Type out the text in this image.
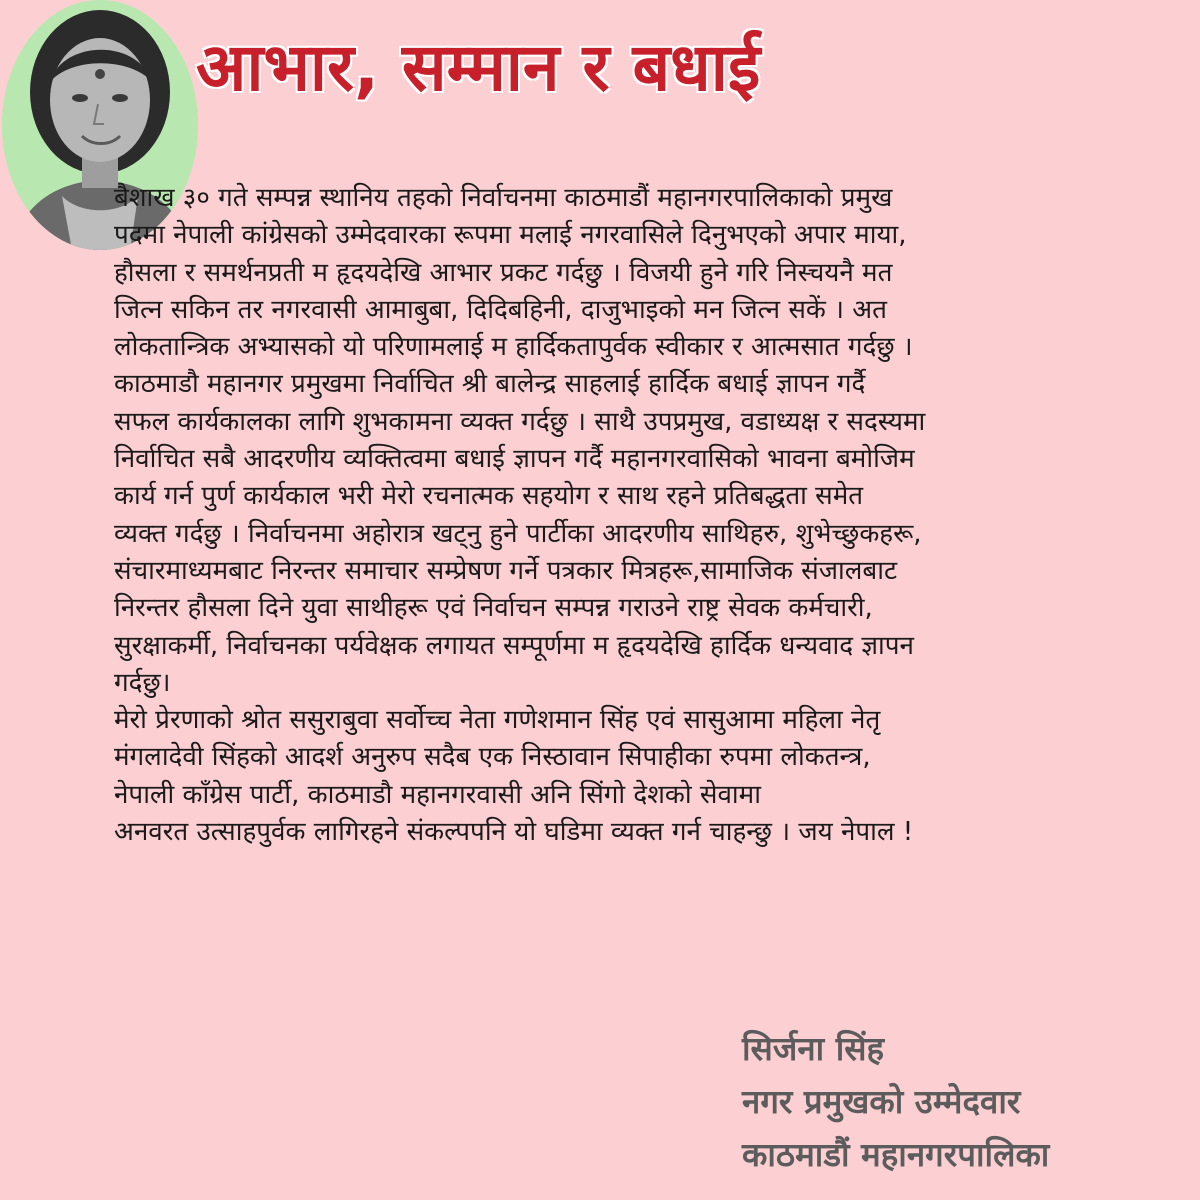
आभार, सम्मान र बधाई
बैशाख ३० गते सम्पन्न स्थानिय तहको निर्वाचनमा काठमाडौं महानगरपालिकाको प्रमुख
पदमा नेपाली कांग्रेसको उम्मेदवारका रूपमा मलाई नगरवासिले दिनुभएको अपार माया,
हौसला र समर्थनप्रती म हृदयदेखि आभार प्रकट गर्दछु । विजयी हुने गरि निस्चयनै मत
जित्न सकिन तर नगरवासी आमाबुबा, दिदिबहिनी, दाजुभाइको मन जित्न सकें । अत
लोकतान्त्रिक अभ्यासको यो परिणामलाई म हार्दिकतापुर्वक स्वीकार र आत्मसात गर्दछु ।
काठमाडौ महानगर प्रमुखमा निर्वाचित श्री बालेन्द्र साहलाई हार्दिक बधाई ज्ञापन गर्दै
सफल कार्यकालका लागि शुभकामना व्यक्त गर्दछु । साथै उपप्रमुख, वडाध्यक्ष र सदस्यमा
निर्वाचित सबै आदरणीय व्यक्तित्वमा बधाई ज्ञापन गर्दै महानगरवासिको भावना बमोजिम
कार्य गर्न पुर्ण कार्यकाल भरी मेरो रचनात्मक सहयोग र साथ रहने प्रतिबद्धता समेत
व्यक्त गर्दछु । निर्वाचनमा अहोरात्र खट्नु हुने पार्टीका आदरणीय साथिहरु, शुभेच्छुकहरू,
संचारमाध्यमबाट निरन्तर समाचार सम्प्रेषण गर्ने पत्रकार मित्रहरू,सामाजिक संजालबाट
निरन्तर हौसला दिने युवा साथीहरू एवं निर्वाचन सम्पन्न गराउने राष्ट्र सेवक कर्मचारी,
सुरक्षाकर्मी, निर्वाचनका पर्यवेक्षक लगायत सम्पूर्णमा म हृदयदेखि हार्दिक धन्यवाद ज्ञापन
गर्दछु।
मेरो प्रेरणाको श्रोत ससुराबुवा सर्वोच्च नेता गणेशमान सिंह एवं सासुआमा महिला नेतृ
मंगलादेवी सिंहको आदर्श अनुरुप सदैब एक निस्ठावान सिपाहीका रुपमा लोकतन्त्र,
नेपाली काँग्रेस पार्टी, काठमाडौ महानगरवासी अनि सिंगो देशको सेवामा
अनवरत उत्साहपुर्वक लागिरहने संकल्पपनि यो घडिमा व्यक्त गर्न चाहन्छु । जय नेपाल !
सिर्जना सिंह
नगर प्रमुखको उम्मेदवार
काठमाडौं महानगरपालिका
